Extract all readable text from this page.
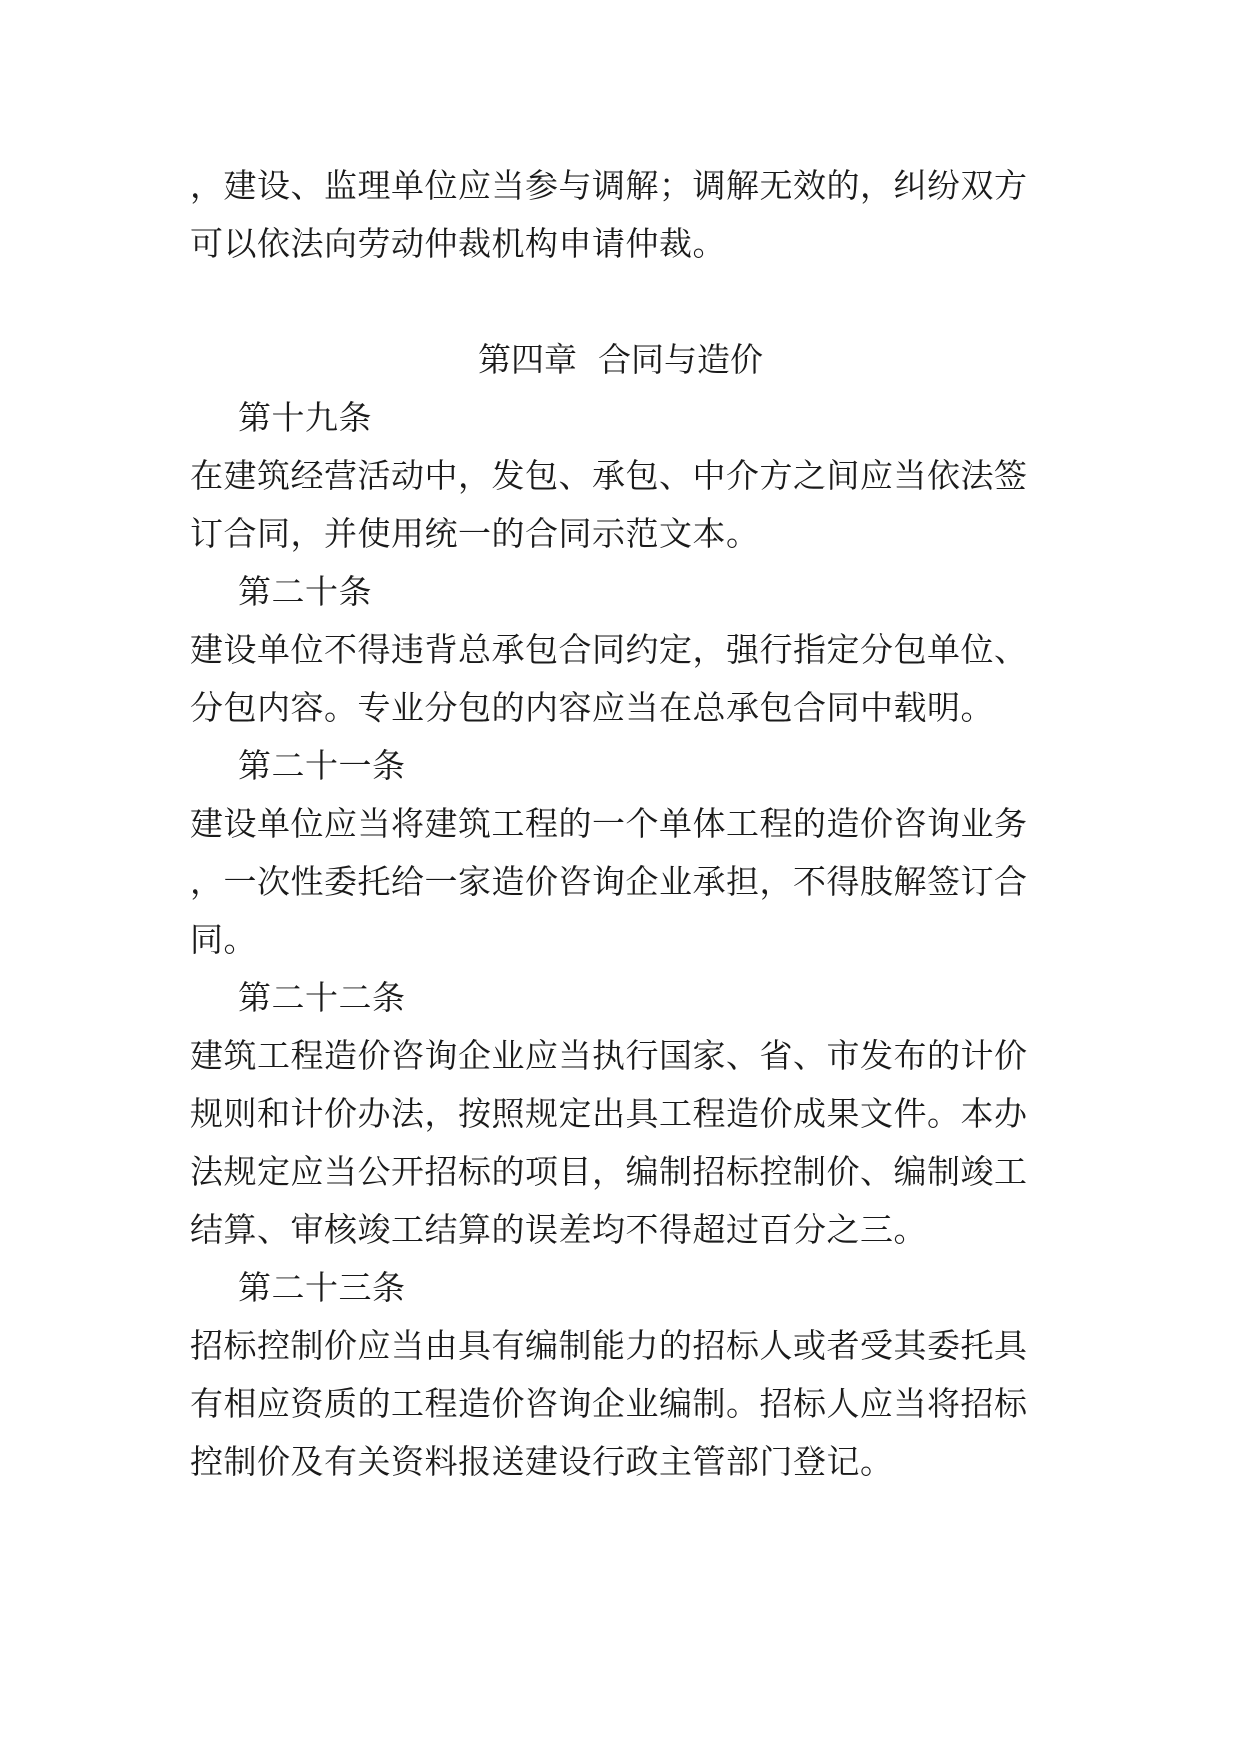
，建设、监理单位应当参与调解；调解无效的，纠纷双方
可以依法向劳动仲裁机构申请仲裁。
第四章  合同与造价
第十九条
在建筑经营活动中，发包、承包、中介方之间应当依法签
订合同，并使用统一的合同示范文本。
第二十条
建设单位不得违背总承包合同约定，强行指定分包单位、
分包内容。专业分包的内容应当在总承包合同中载明。
第二十一条
建设单位应当将建筑工程的一个单体工程的造价咨询业务
，一次性委托给一家造价咨询企业承担，不得肢解签订合
同。
第二十二条
建筑工程造价咨询企业应当执行国家、省、市发布的计价
规则和计价办法，按照规定出具工程造价成果文件。本办
法规定应当公开招标的项目，编制招标控制价、编制竣工
结算、审核竣工结算的误差均不得超过百分之三。
第二十三条
招标控制价应当由具有编制能力的招标人或者受其委托具
有相应资质的工程造价咨询企业编制。招标人应当将招标
控制价及有关资料报送建设行政主管部门登记。
